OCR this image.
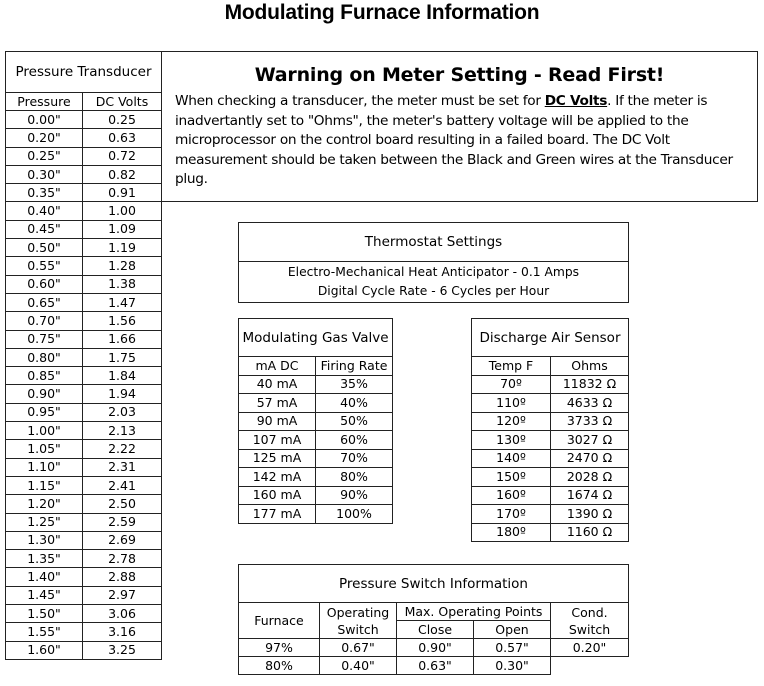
Modulating Furnace Information
Pressure Transducer	
Pressure	DC Volts
0.00"	0.25
0.20"	0.63
0.25"	0.72
0.30"	0.82
0.35"	0.91
0.40"	1.00
0.45"	1.09
0.50"	1.19
0.55"	1.28
0.60"	1.38
0.65"	1.47
0.70"	1.56
0.75"	1.66
0.80"	1.75
0.85"	1.84
0.90"	1.94
0.95"	2.03
1.00"	2.13
1.05"	2.22
1.10"	2.31
1.15"	2.41
1.20"	2.50
1.25"	2.59
1.30"	2.69
1.35"	2.78
1.40"	2.88
1.45"	2.97
1.50"	3.06
1.55"	3.16
1.60"	3.25
Warning on Meter Setting - Read First!
When checking a transducer, the meter must be set for DC Volts. If the meter is inadvertantly set to "Ohms", the meter's battery voltage will be applied to the microprocessor on the control board resulting in a failed board. The DC Volt measurement should be taken between the Black and Green wires at the Transducer plug.
Thermostat Settings

Electro-Mechanical Heat Anticipator - 0.1 Amps
Digital Cycle Rate - 6 Cycles per Hour
Modulating Gas Valve	
mA DC	Firing Rate
40 mA	35%
57 mA	40%
90 mA	50%
107 mA	60%
125 mA	70%
142 mA	80%
160 mA	90%
177 mA	100%
Discharge Air Sensor	
Temp F	Ohms
70º	11832 Ω
110º	4633 Ω
120º	3733 Ω
130º	3027 Ω
140º	2470 Ω
150º	2028 Ω
160º	1674 Ω
170º	1390 Ω
180º	1160 Ω
Pressure Switch Information				
Furnace	Operating Switch	Max. Operating Points		Cond. Switch
		Close	Open	
97%	0.67"	0.90"	0.57"	0.20"
80%	0.40"	0.63"	0.30"	
